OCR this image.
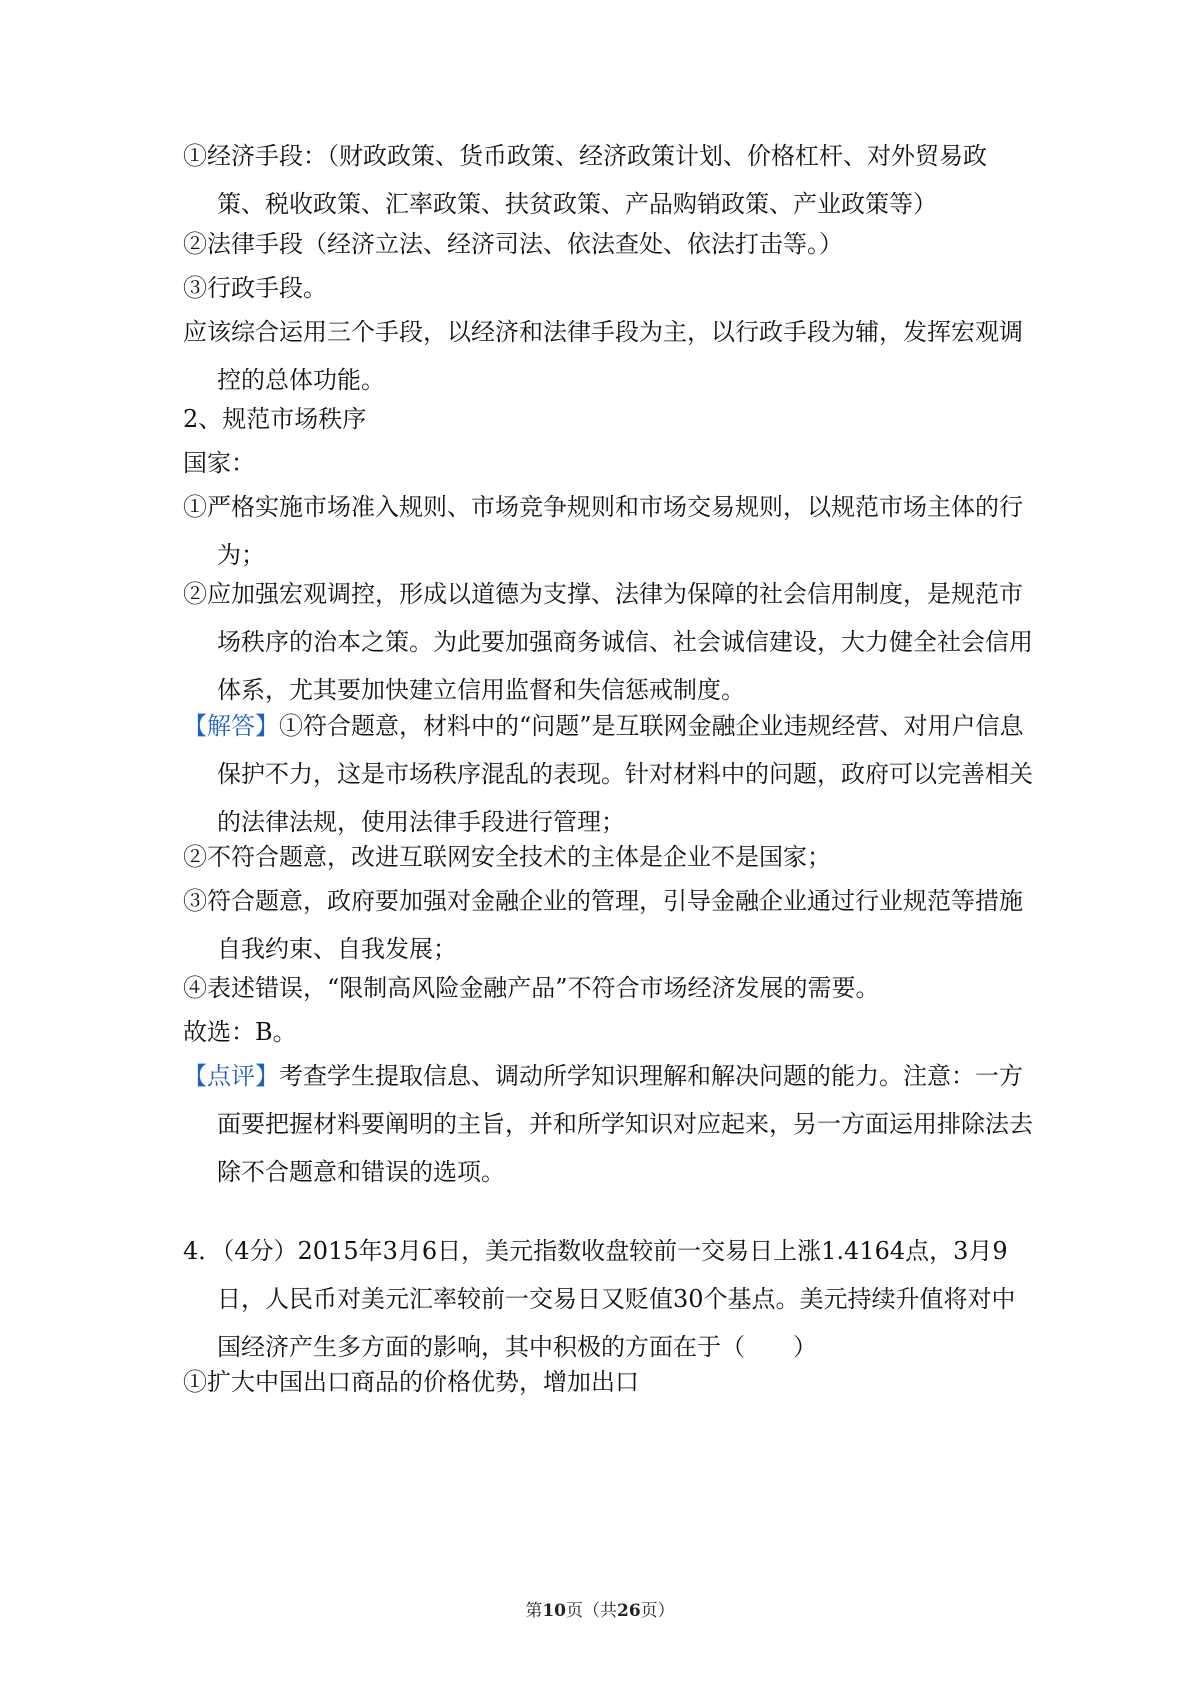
①经济手段：（财政政策、货币政策、经济政策计划、价格杠杆、对外贸易政策、税收政策、汇率政策、扶贫政策、产品购销政策、产业政策等）

②法律手段（经济立法、经济司法、依法查处、依法打击等。）

③行政手段。

应该综合运用三个手段，以经济和法律手段为主，以行政手段为辅，发挥宏观调控的总体功能。

2、规范市场秩序

国家：

①严格实施市场准入规则、市场竞争规则和市场交易规则，以规范市场主体的行为；

②应加强宏观调控，形成以道德为支撑、法律为保障的社会信用制度，是规范市场秩序的治本之策。为此要加强商务诚信、社会诚信建设，大力健全社会信用体系，尤其要加快建立信用监督和失信惩戒制度。

【解答】①符合题意，材料中的“问题”是互联网金融企业违规经营、对用户信息保护不力，这是市场秩序混乱的表现。针对材料中的问题，政府可以完善相关的法律法规，使用法律手段进行管理；

②不符合题意，改进互联网安全技术的主体是企业不是国家；

③符合题意，政府要加强对金融企业的管理，引导金融企业通过行业规范等措施自我约束、自我发展；

④表述错误，“限制高风险金融产品”不符合市场经济发展的需要。

故选：B。

【点评】考查学生提取信息、调动所学知识理解和解决问题的能力。注意：一方面要把握材料要阐明的主旨，并和所学知识对应起来，另一方面运用排除法去除不合题意和错误的选项。

4．（4分）2015年3月6日，美元指数收盘较前一交易日上涨1.4164点，3月9日，人民币对美元汇率较前一交易日又贬值30个基点。美元持续升值将对中国经济产生多方面的影响，其中积极的方面在于（　　）

①扩大中国出口商品的价格优势，增加出口

第10页（共26页）
